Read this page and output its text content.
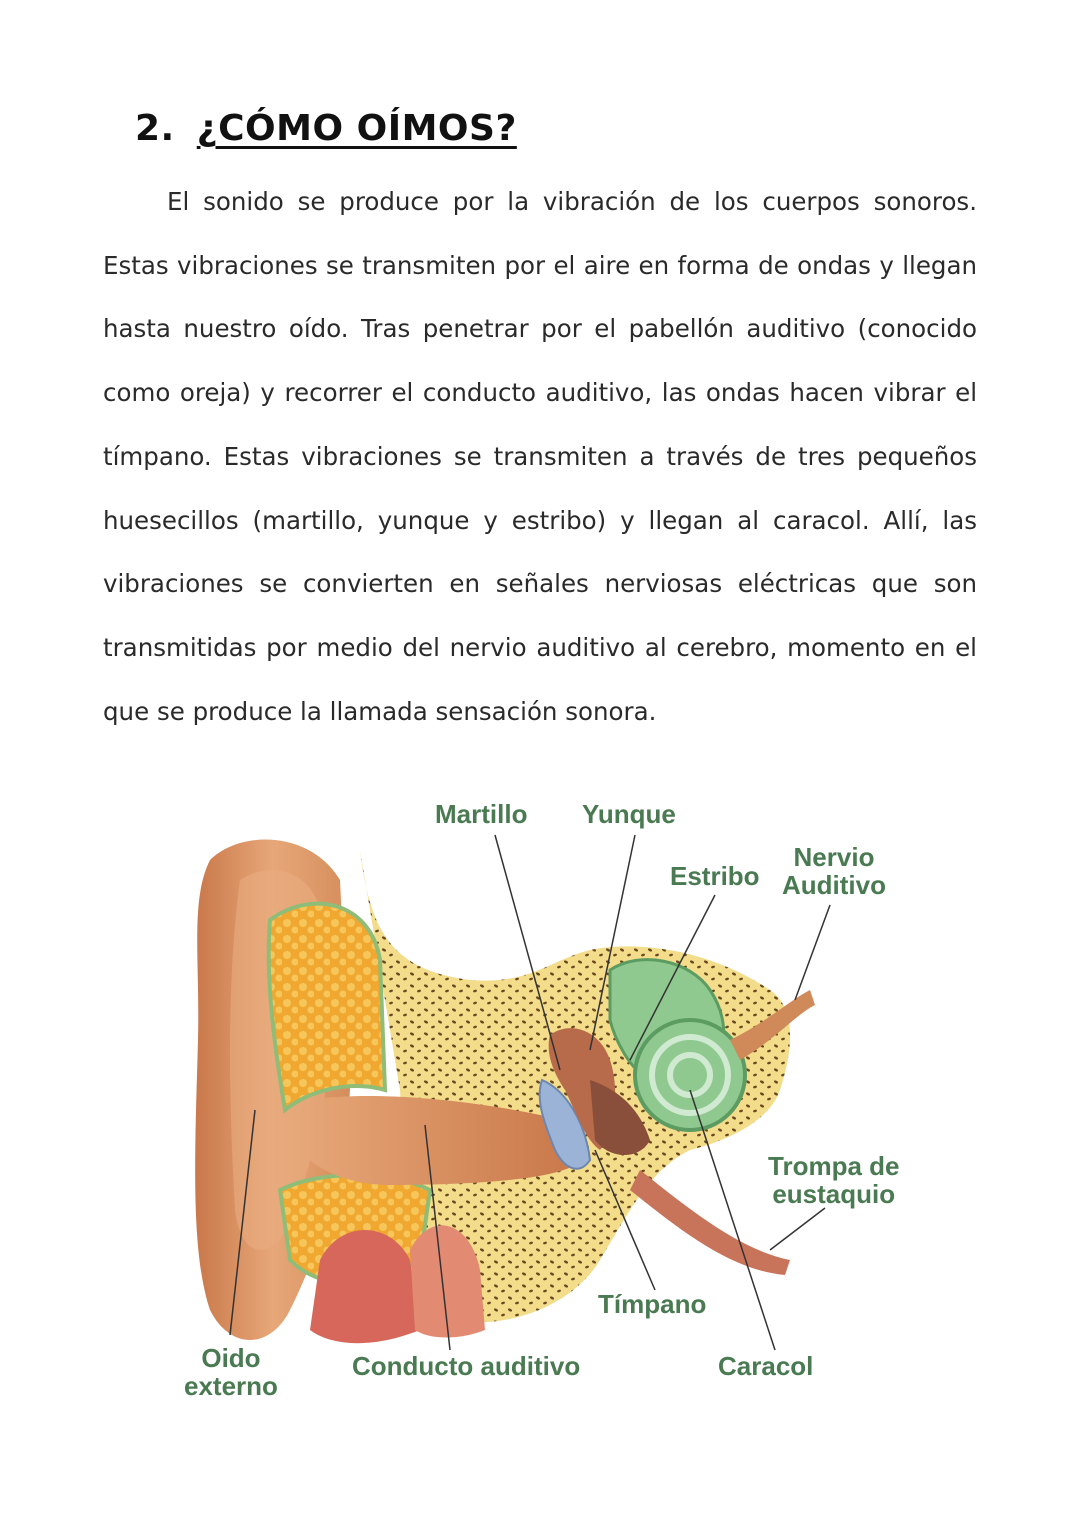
2. ¿CÓMO OÍMOS?

El sonido se produce por la vibración de los cuerpos sonoros. Estas vibraciones se transmiten por el aire en forma de ondas y llegan hasta nuestro oído. Tras penetrar por el pabellón auditivo (conocido como oreja) y recorrer el conducto auditivo, las ondas hacen vibrar el tímpano. Estas vibraciones se transmiten a través de tres pequeños huesecillos (martillo, yunque y estribo) y llegan al caracol. Allí, las vibraciones se convierten en señales nerviosas eléctricas que son transmitidas por medio del nervio auditivo al cerebro, momento en el que se produce la llamada sensación sonora.

Martillo Yunque
Estribo
Nervio
Auditivo
Trompa de
eustaquio
Tímpano
Caracol
Oido
externo
Conducto auditivo
